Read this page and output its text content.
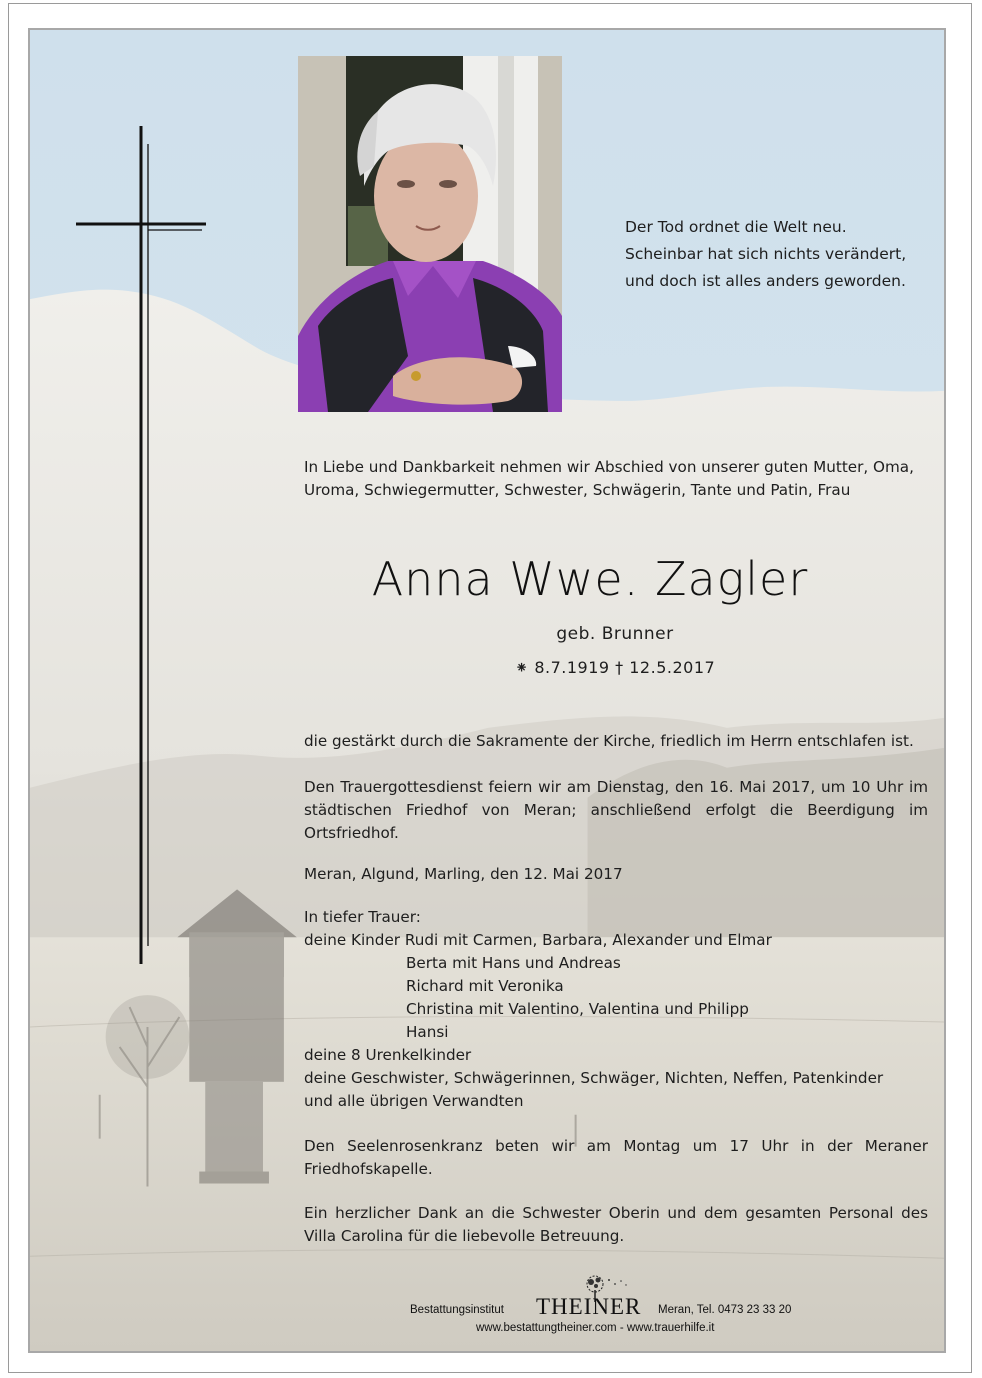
Der Tod ordnet die Welt neu.
Scheinbar hat sich nichts verändert,
und doch ist alles anders geworden.
In Liebe und Dankbarkeit nehmen wir Abschied von unserer guten Mutter, Oma,
Uroma, Schwiegermutter, Schwester, Schwägerin, Tante und Patin, Frau
Anna Wwe. Zagler
geb. Brunner
⁕ 8.7.1919 † 12.5.2017
die gestärkt durch die Sakramente der Kirche, friedlich im Herrn entschlafen ist.
Den Trauergottesdienst feiern wir am Dienstag, den 16. Mai 2017, um 10 Uhr im städtischen Friedhof von Meran; anschließend erfolgt die Beerdigung im Ortsfriedhof.
Meran, Algund, Marling, den 12. Mai 2017
In tiefer Trauer:
deine Kinder Rudi mit Carmen, Barbara, Alexander und Elmar
Berta mit Hans und Andreas
Richard mit Veronika
Christina mit Valentino, Valentina und Philipp
Hansi
deine 8 Urenkelkinder
deine Geschwister, Schwägerinnen, Schwäger, Nichten, Neffen, Patenkinder
und alle übrigen Verwandten
Den Seelenrosenkranz beten wir am Montag um 17 Uhr in der Meraner Friedhofskapelle.
Ein herzlicher Dank an die Schwester Oberin und dem gesamten Personal des Villa Carolina für die liebevolle Betreuung.
Bestattungsinstitut THEINER Meran, Tel. 0473 23 33 20
www.bestattungtheiner.com - www.trauerhilfe.it
